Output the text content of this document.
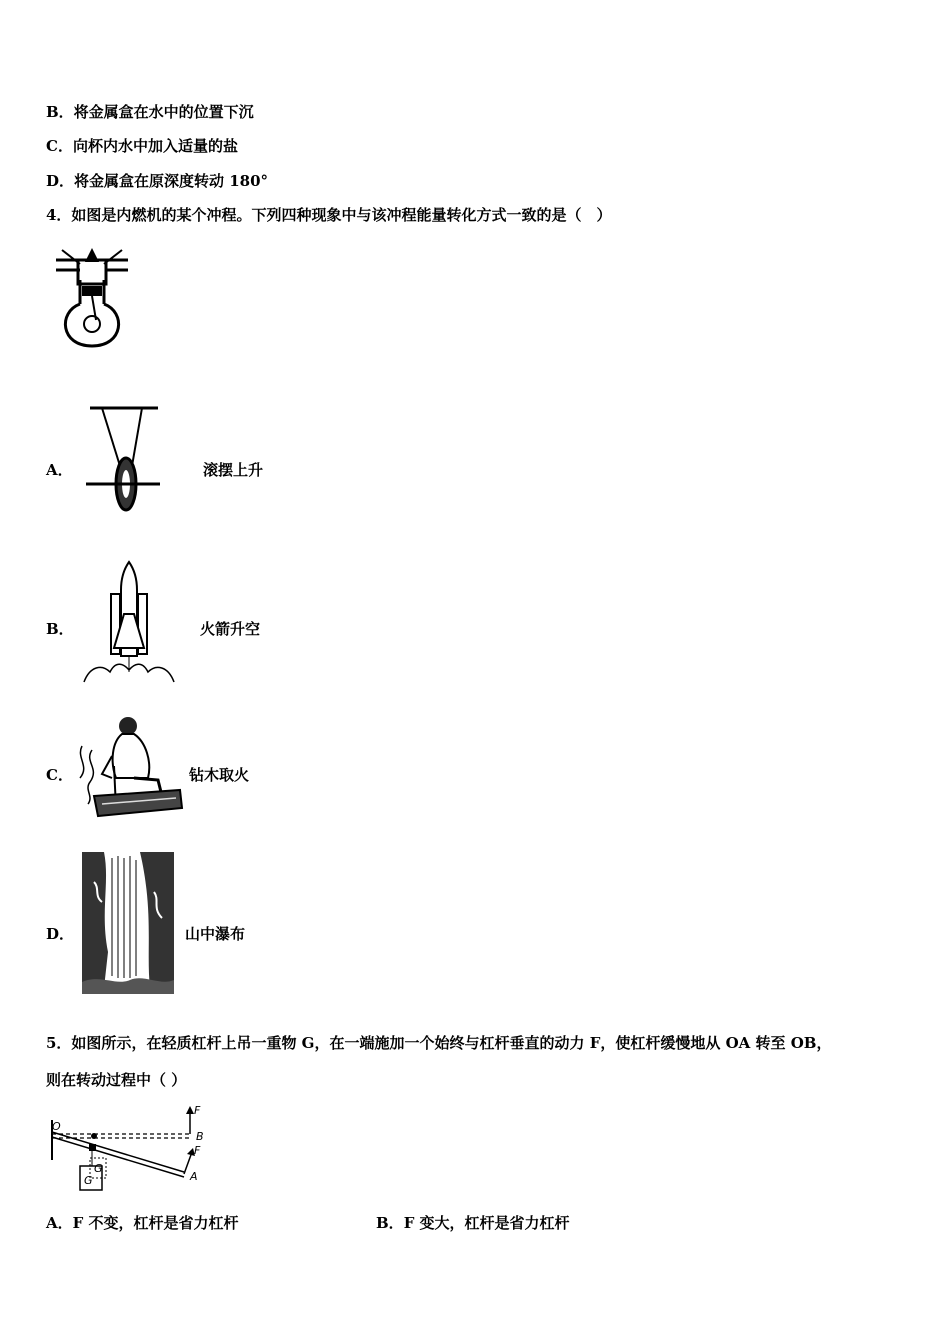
B．将金属盒在水中的位置下沉
C．向杯内水中加入适量的盐
D．将金属盒在原深度转动 180°
4．如图是内燃机的某个冲程。下列四种现象中与该冲程能量转化方式一致的是（　）
A．	滚摆上升
B．	火箭升空
C．	钻木取火
D．	山中瀑布
5．如图所示，在轻质杠杆上吊一重物 G，在一端施加一个始终与杠杆垂直的动力 F，使杠杆缓慢地从 OA 转至 OB，
则在转动过程中（ ）
O
B
A
F
F
G
G
A．F 不变，杠杆是省力杠杆	B．F 变大，杠杆是省力杠杆
